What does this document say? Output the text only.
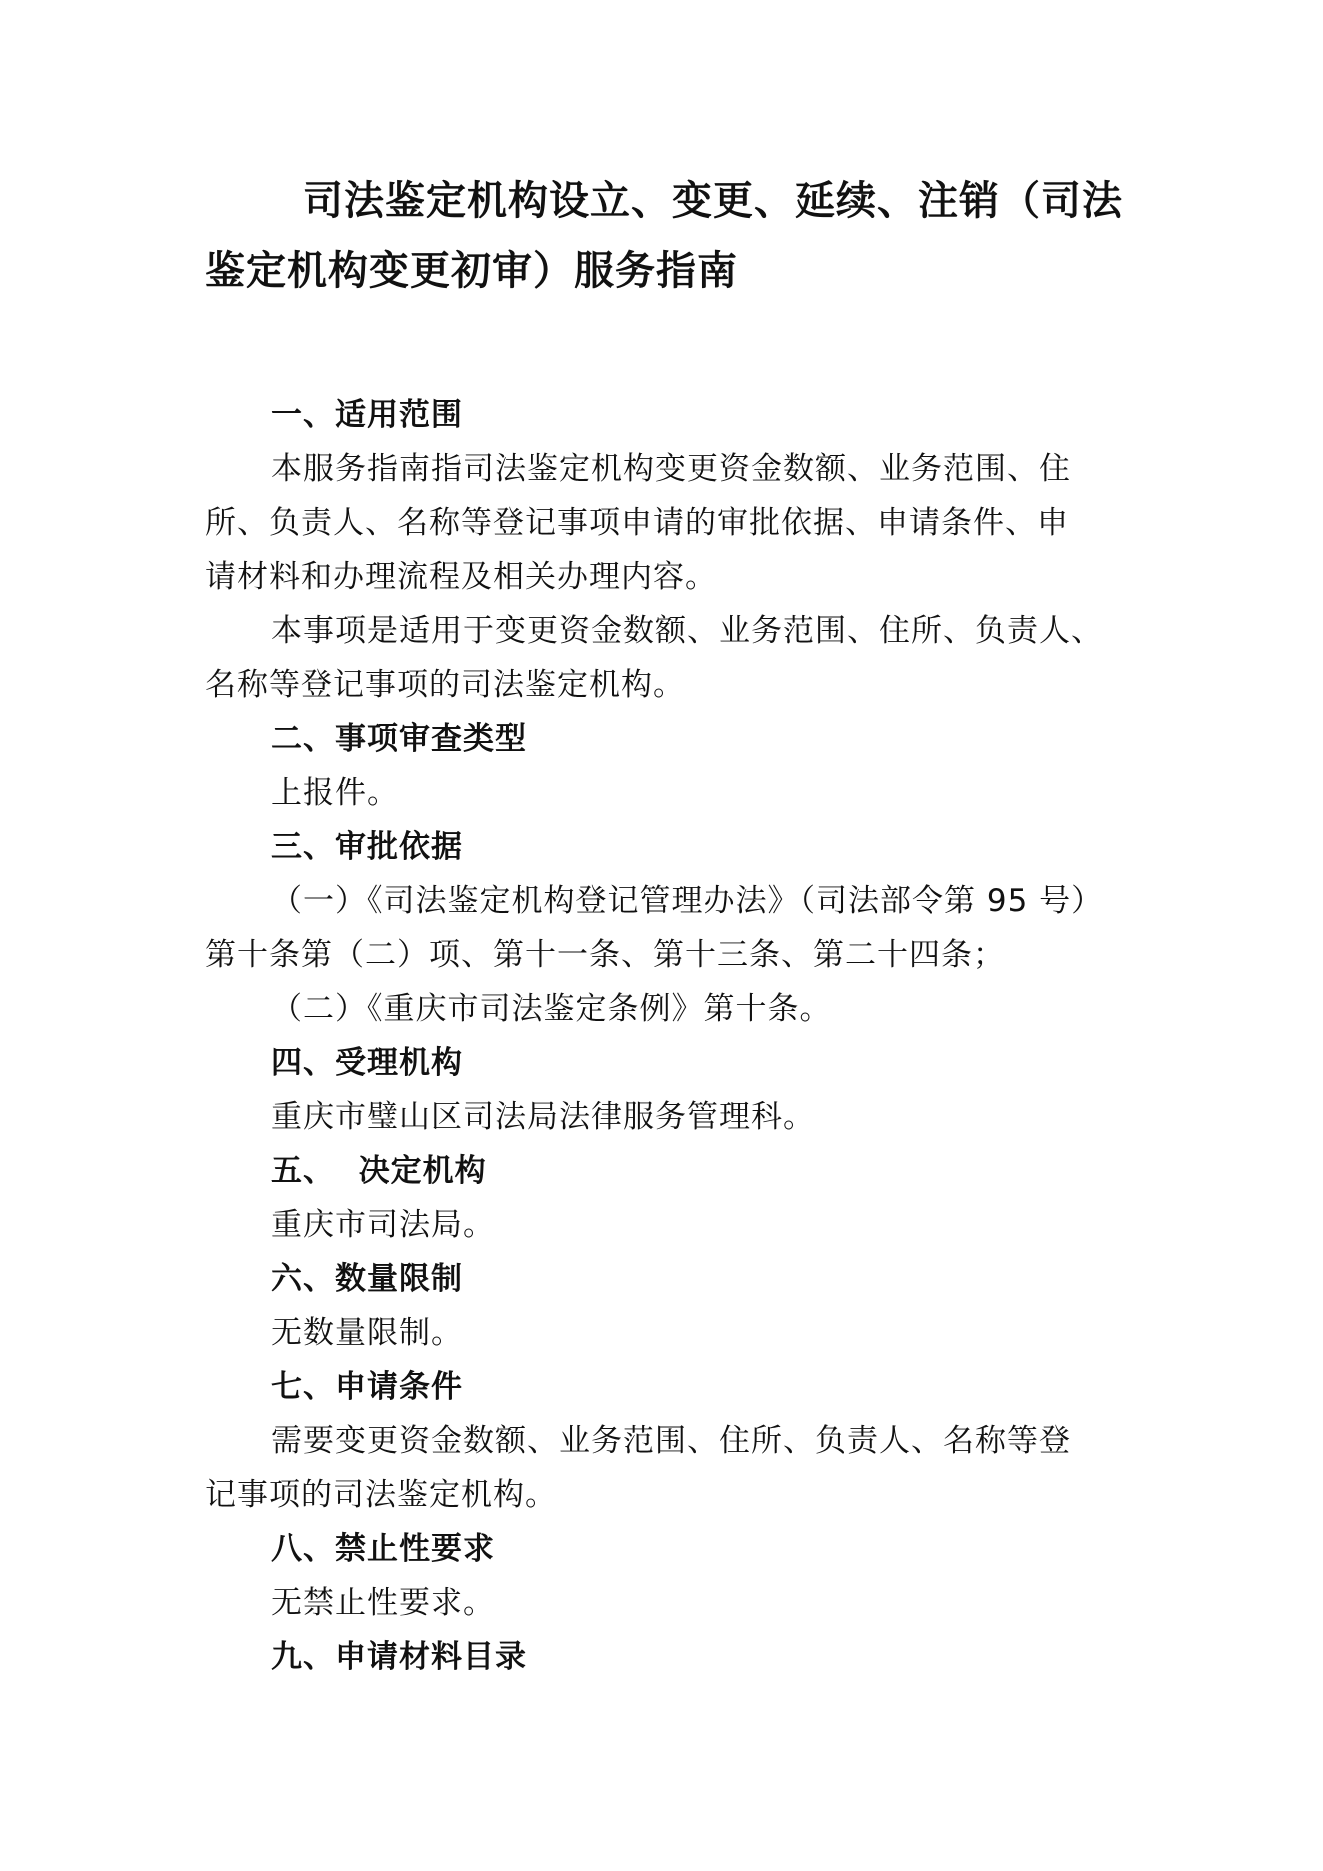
司法鉴定机构设立、变更、延续、注销（司法
鉴定机构变更初审）服务指南
一、适用范围
本服务指南指司法鉴定机构变更资金数额、业务范围、住
所、负责人、名称等登记事项申请的审批依据、申请条件、申
请材料和办理流程及相关办理内容。
本事项是适用于变更资金数额、业务范围、住所、负责人、
名称等登记事项的司法鉴定机构。
二、事项审查类型
上报件。
三、审批依据
（一）《司法鉴定机构登记管理办法》（司法部令第 95 号）
第十条第（二）项、第十一条、第十三条、第二十四条；
（二）《重庆市司法鉴定条例》第十条。
四、受理机构
重庆市璧山区司法局法律服务管理科。
五、  决定机构
重庆市司法局。
六、数量限制
无数量限制。
七、申请条件
需要变更资金数额、业务范围、住所、负责人、名称等登
记事项的司法鉴定机构。
八、禁止性要求
无禁止性要求。
九、申请材料目录
